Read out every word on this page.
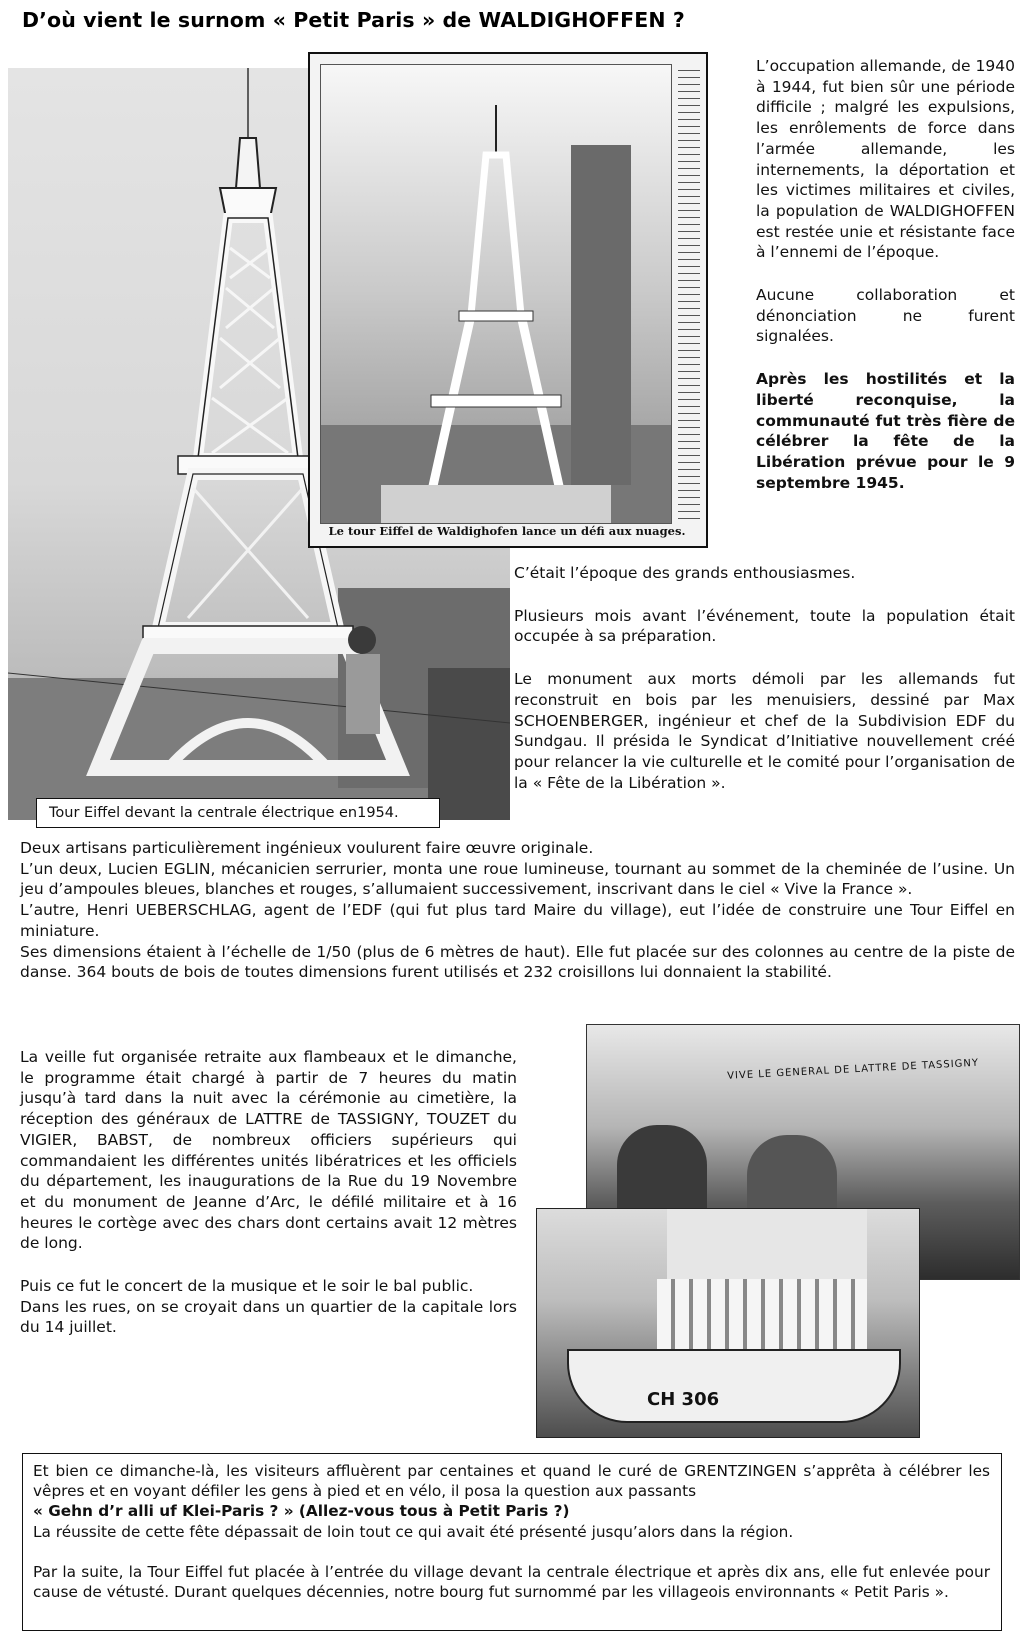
D’où vient le surnom « Petit Paris » de WALDIGHOFFEN ?
Le tour Eiffel de Waldighofen lance un défi aux nuages.
Tour Eiffel devant la centrale électrique en1954.

L’occupation allemande, de 1940 à 1944, fut bien sûr une période difficile ; malgré les expulsions, les enrôlements de force dans l’armée allemande, les internements, la déportation et les victimes militaires et civiles, la population de WALDIGHOFFEN est restée unie et résistante face à l’ennemi de l’époque.

Aucune collaboration et dénonciation ne furent signalées.

Après les hostilités et la liberté reconquise, la communauté fut très fière de célébrer la fête de la Libération prévue pour le 9 septembre 1945.

C’était l’époque des grands enthousiasmes.

Plusieurs mois avant l’événement, toute la population était occupée à sa préparation.

Le monument aux morts démoli par les allemands fut reconstruit en bois par les menuisiers, dessiné par Max SCHOENBERGER, ingénieur et chef de la Subdivision EDF du Sundgau. Il présida le Syndicat d’Initiative nouvellement créé pour relancer la vie culturelle et le comité pour l’organisation de la « Fête de la Libération ».

Deux artisans particulièrement ingénieux voulurent faire œuvre originale.

L’un deux, Lucien EGLIN, mécanicien serrurier, monta une roue lumineuse, tournant au sommet de la cheminée de l’usine. Un jeu d’ampoules bleues, blanches et rouges, s’allumaient successivement, inscrivant dans le ciel « Vive la France ».

L’autre, Henri UEBERSCHLAG, agent de l’EDF (qui fut plus tard Maire du village), eut l’idée de construire une Tour Eiffel en miniature.

Ses dimensions étaient à l’échelle de 1/50 (plus de 6 mètres de haut). Elle fut placée sur des colonnes au centre de la piste de danse. 364 bouts de bois de toutes dimensions furent utilisés et 232 croisillons lui donnaient la stabilité.

La veille fut organisée retraite aux flambeaux et le dimanche, le programme était chargé à partir de 7 heures du matin jusqu’à tard dans la nuit avec la cérémonie au cimetière, la réception des généraux de LATTRE de TASSIGNY, TOUZET du VIGIER, BABST, de nombreux officiers supérieurs qui commandaient les différentes unités libératrices et les officiels du département, les inaugurations de la Rue du 19 Novembre et du monument de Jeanne d’Arc, le défilé militaire et à 16 heures le cortège avec des chars dont certains avait 12 mètres de long.

Puis ce fut le concert de la musique et le soir le bal public.

Dans les rues, on se croyait dans un quartier de la capitale lors du 14 juillet.

VIVE LE GÉNÉRAL DE LATTRE DE TASSIGNY
CH 306

Et bien ce dimanche-là, les visiteurs affluèrent par centaines et quand le curé de GRENTZINGEN s’apprêta à célébrer les vêpres et en voyant défiler les gens à pied et en vélo, il posa la question aux passants

« Gehn d’r alli uf Klei-Paris ? » (Allez-vous tous à Petit Paris ?)

La réussite de cette fête dépassait de loin tout ce qui avait été présenté jusqu’alors dans la région.

Par la suite, la Tour Eiffel fut placée à l’entrée du village devant la centrale électrique et après dix ans, elle fut enlevée pour cause de vétusté. Durant quelques décennies, notre bourg fut surnommé par les villageois environnants « Petit Paris ».
